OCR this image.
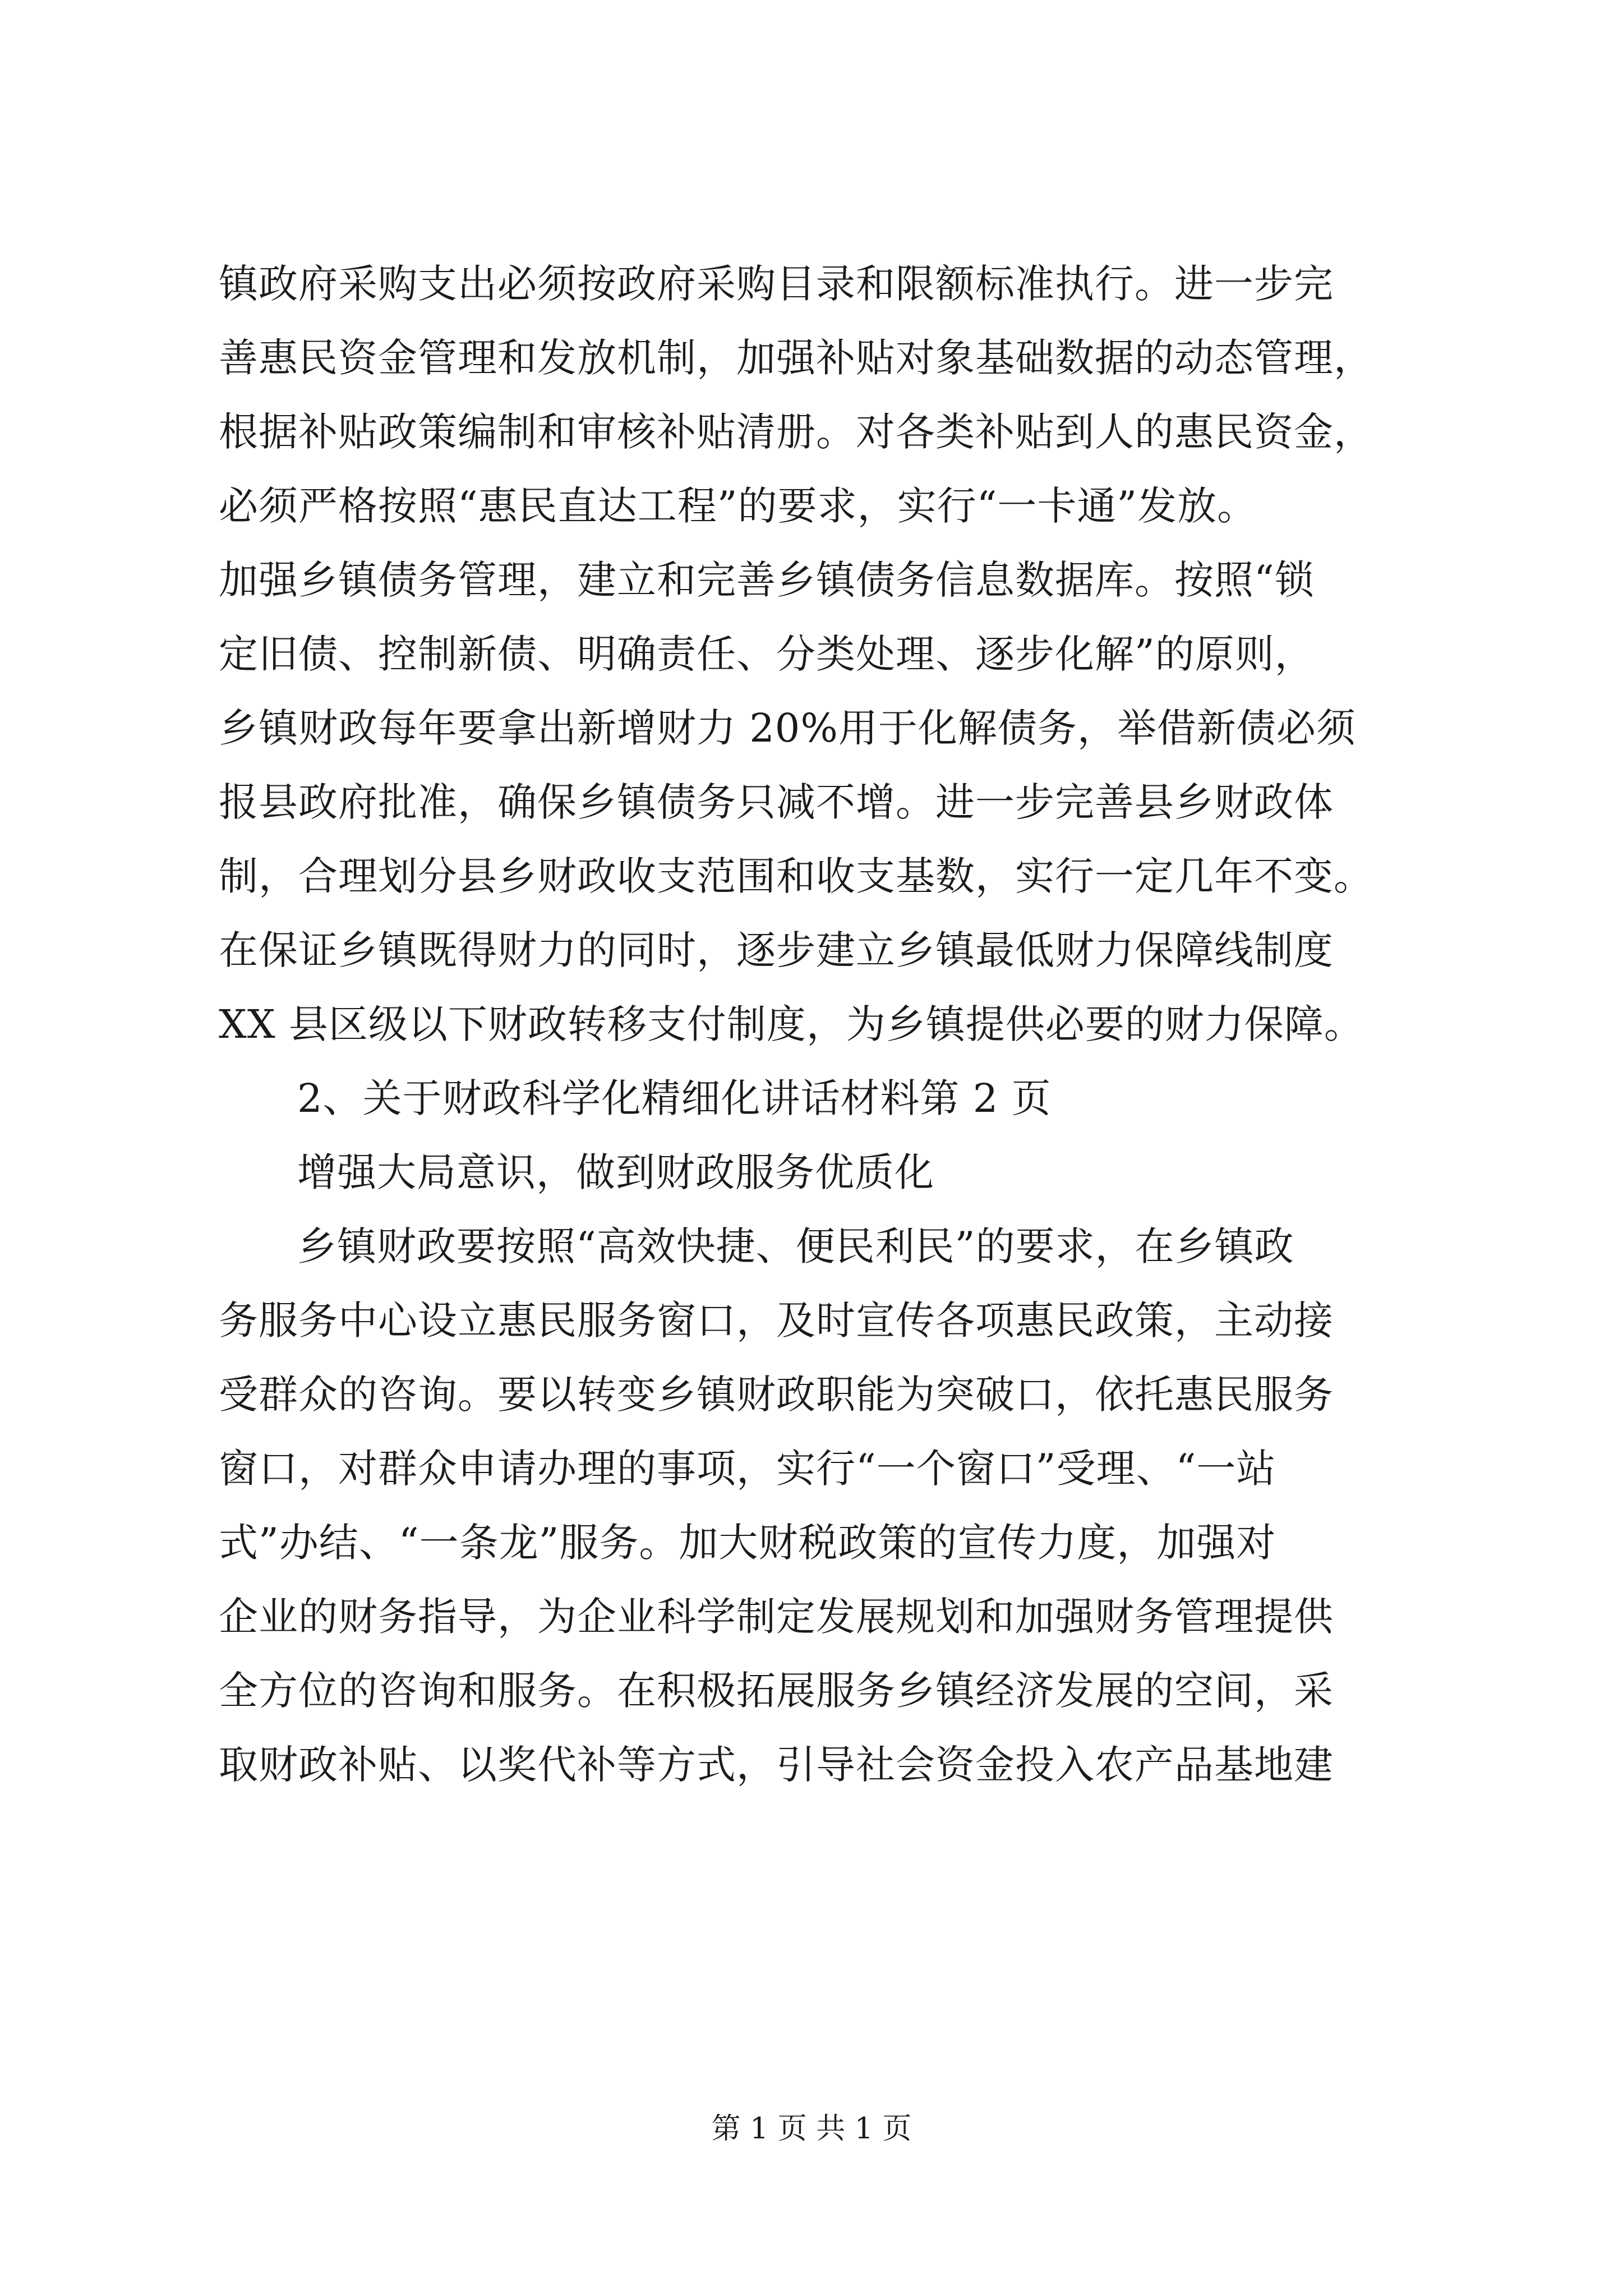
镇政府采购支出必须按政府采购目录和限额标准执行。进一步完
善惠民资金管理和发放机制，加强补贴对象基础数据的动态管理，
根据补贴政策编制和审核补贴清册。对各类补贴到人的惠民资金，
必须严格按照“惠民直达工程”的要求，实行“一卡通”发放。
加强乡镇债务管理，建立和完善乡镇债务信息数据库。按照“锁
定旧债、控制新债、明确责任、分类处理、逐步化解”的原则，
乡镇财政每年要拿出新增财力 20%用于化解债务，举借新债必须
报县政府批准，确保乡镇债务只减不增。进一步完善县乡财政体
制，合理划分县乡财政收支范围和收支基数，实行一定几年不变。
在保证乡镇既得财力的同时，逐步建立乡镇最低财力保障线制度
XX 县区级以下财政转移支付制度，为乡镇提供必要的财力保障。
2、关于财政科学化精细化讲话材料第 2 页
增强大局意识，做到财政服务优质化
乡镇财政要按照“高效快捷、便民利民”的要求，在乡镇政
务服务中心设立惠民服务窗口，及时宣传各项惠民政策，主动接
受群众的咨询。要以转变乡镇财政职能为突破口，依托惠民服务
窗口，对群众申请办理的事项，实行“一个窗口”受理、“一站
式”办结、“一条龙”服务。加大财税政策的宣传力度，加强对
企业的财务指导，为企业科学制定发展规划和加强财务管理提供
全方位的咨询和服务。在积极拓展服务乡镇经济发展的空间，采
取财政补贴、以奖代补等方式，引导社会资金投入农产品基地建
第 1 页 共 1 页
